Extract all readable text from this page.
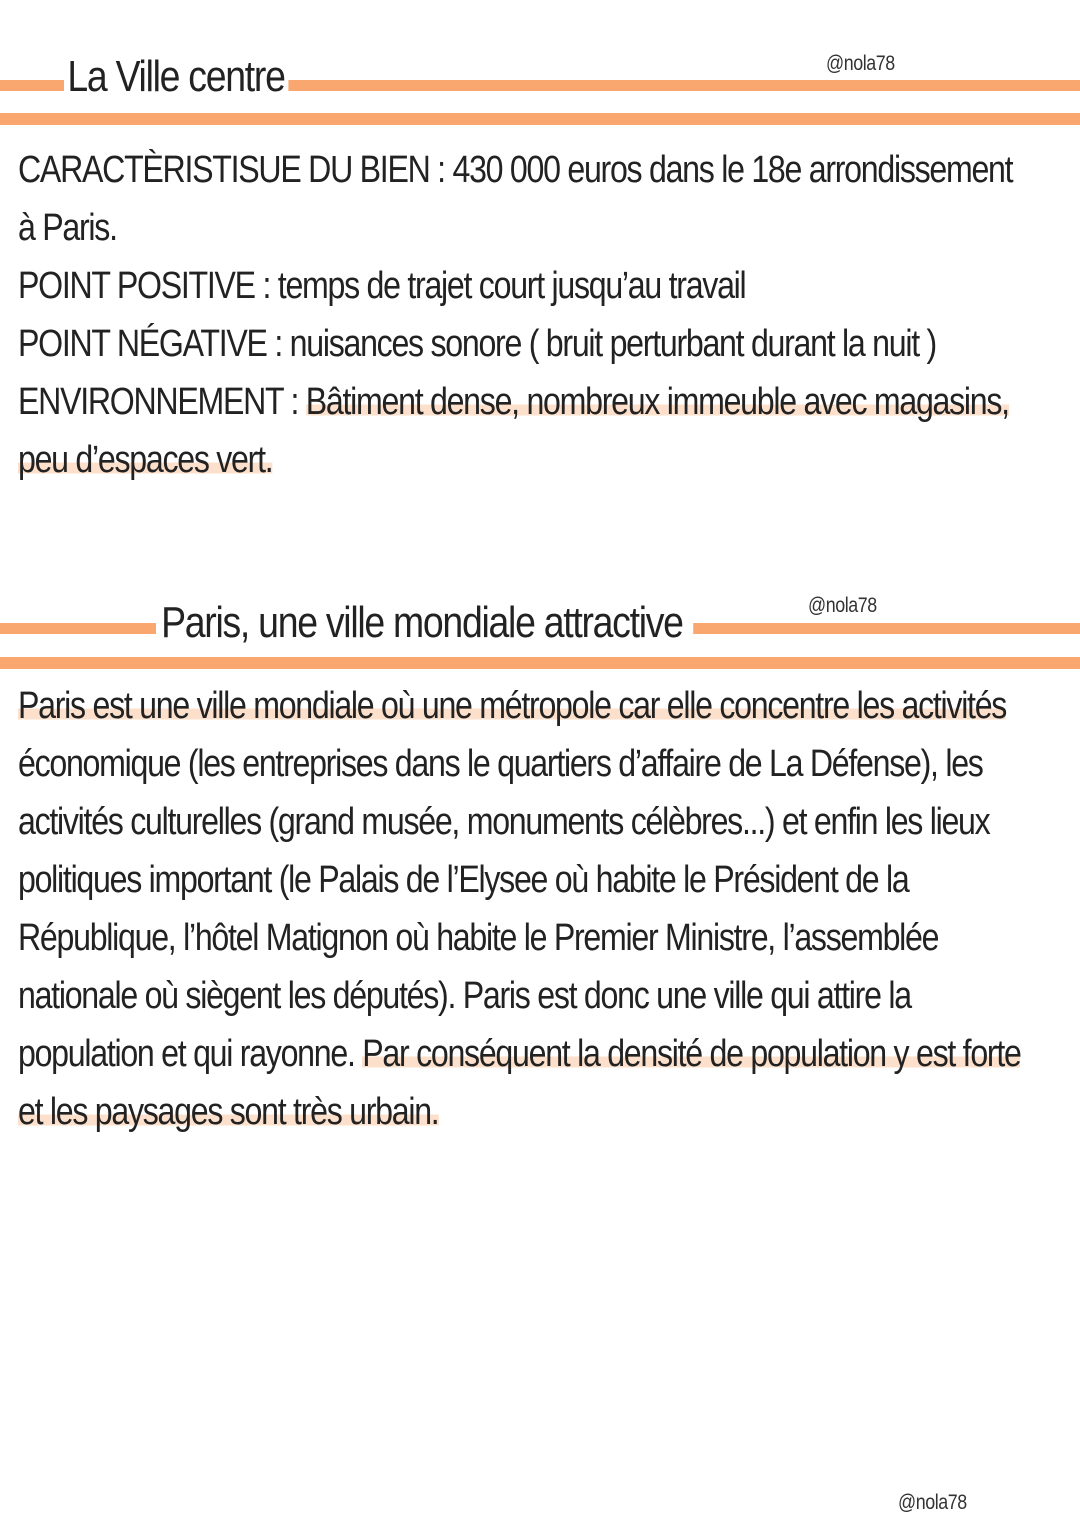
La Ville centre	@nola78

CARACTÈRISTISUE DU BIEN : 430 000 euros dans le 18e arrondissement à Paris.

POINT POSITIVE : temps de trajet court jusqu’au travail

POINT NÉGATIVE : nuisances sonore ( bruit perturbant durant la nuit )

ENVIRONNEMENT : Bâtiment dense, nombreux immeuble avec magasins, peu d’espaces vert.

Paris, une ville mondiale attractive	@nola78

Paris est une ville mondiale où une métropole car elle concentre les activités économique (les entreprises dans le quartiers d’affaire de La Défense), les activités culturelles (grand musée, monuments célèbres...) et enfin les lieux politiques important (le Palais de l’Elysee où habite le Président de la République, l’hôtel Matignon où habite le Premier Ministre, l’assemblée nationale où siègent les députés). Paris est donc une ville qui attire la population et qui rayonne. Par conséquent la densité de population y est forte et les paysages sont très urbain.

@nola78
